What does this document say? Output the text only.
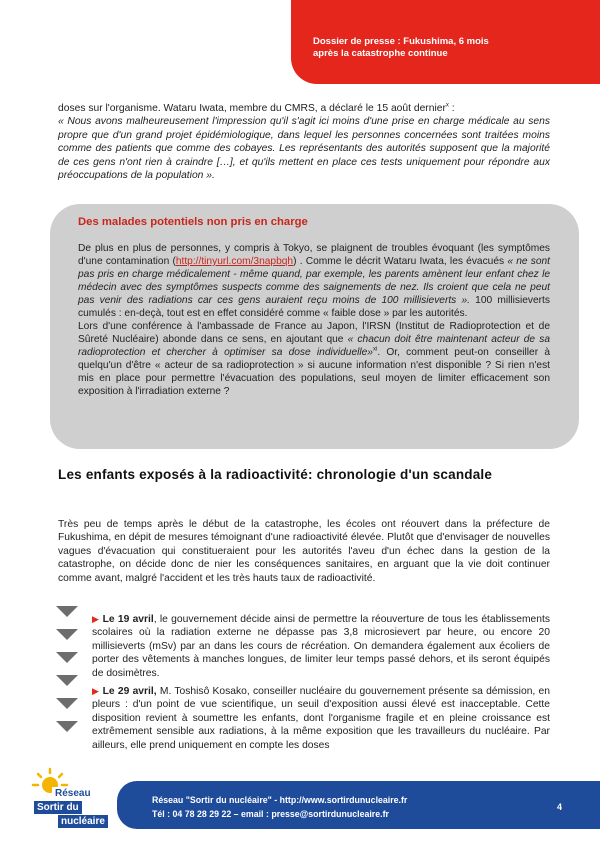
Dossier de presse : Fukushima, 6 mois
après la catastrophe continue

doses sur l'organisme. Wataru Iwata, membre du CMRS, a déclaré le 15 août dernier$^x$ :
« Nous avons malheureusement l'impression qu'il s'agit ici moins d'une prise en charge médicale au sens propre que d'un grand projet épidémiologique, dans lequel les personnes concernées sont traitées moins comme des patients que comme des cobayes. Les représentants des autorités supposent que la majorité de ces gens n'ont rien à craindre […], et qu'ils mettent en place ces tests uniquement pour répondre aux préoccupations de la population ».

Des malades potentiels non pris en charge

De plus en plus de personnes, y compris à Tokyo, se plaignent de troubles évoquant (les symptômes d'une contamination (http://tinyurl.com/3napbqh) . Comme le décrit Wataru Iwata, les évacués « ne sont pas pris en charge médicalement - même quand, par exemple, les parents amènent leur enfant chez le médecin avec des symptômes suspects comme des saignements de nez. Ils croient que cela ne peut pas venir des radiations car ces gens auraient reçu moins de 100 millisieverts ». 100 millisieverts cumulés : en-deçà, tout est en effet considéré comme « faible dose » par les autorités.
Lors d'une conférence à l'ambassade de France au Japon, l'IRSN (Institut de Radioprotection et de Sûreté Nucléaire) abonde dans ce sens, en ajoutant que « chacun doit être maintenant acteur de sa radioprotection et chercher à optimiser sa dose individuelle»$^{xi}$. Or, comment peut-on conseiller à quelqu'un d'être « acteur de sa radioprotection » si aucune information n'est disponible ? Si rien n'est mis en place pour permettre l'évacuation des populations, seul moyen de limiter efficacement son exposition à l'irradiation externe ?

Les enfants exposés à la radioactivité: chronologie d'un scandale

Très peu de temps après le début de la catastrophe, les écoles ont réouvert dans la préfecture de Fukushima, en dépit de mesures témoignant d'une radioactivité élevée. Plutôt que d'envisager de nouvelles vagues d'évacuation qui constitueraient pour les autorités l'aveu d'un échec dans la gestion de la catastrophe, on décide donc de nier les conséquences sanitaires, en arguant que la vie doit continuer comme avant, malgré l'accident et les très hauts taux de radioactivité.

▶ Le 19 avril, le gouvernement décide ainsi de permettre la réouverture de tous les établissements scolaires où la radiation externe ne dépasse pas 3,8 microsievert par heure, ou encore 20 millisieverts (mSv) par an dans les cours de récréation. On demandera également aux écoliers de porter des vêtements à manches longues, de limiter leur temps passé dehors, et ils seront équipés de dosimètres.

▶ Le 29 avril, M. Toshisô Kosako, conseiller nucléaire du gouvernement présente sa démission, en pleurs : d'un point de vue scientifique, un seuil d'exposition aussi élevé est inacceptable. Cette disposition revient à soumettre les enfants, dont l'organisme fragile et en pleine croissance est extrêmement sensible aux radiations, à la même exposition que les travailleurs du nucléaire. Par ailleurs, elle prend uniquement en compte les doses

Réseau
Sortir du
nucléaire
Réseau "Sortir du nucléaire" - http://www.sortirdunucleaire.fr
Tél : 04 78 28 29 22 – email : presse@sortirdunucleaire.fr
4
